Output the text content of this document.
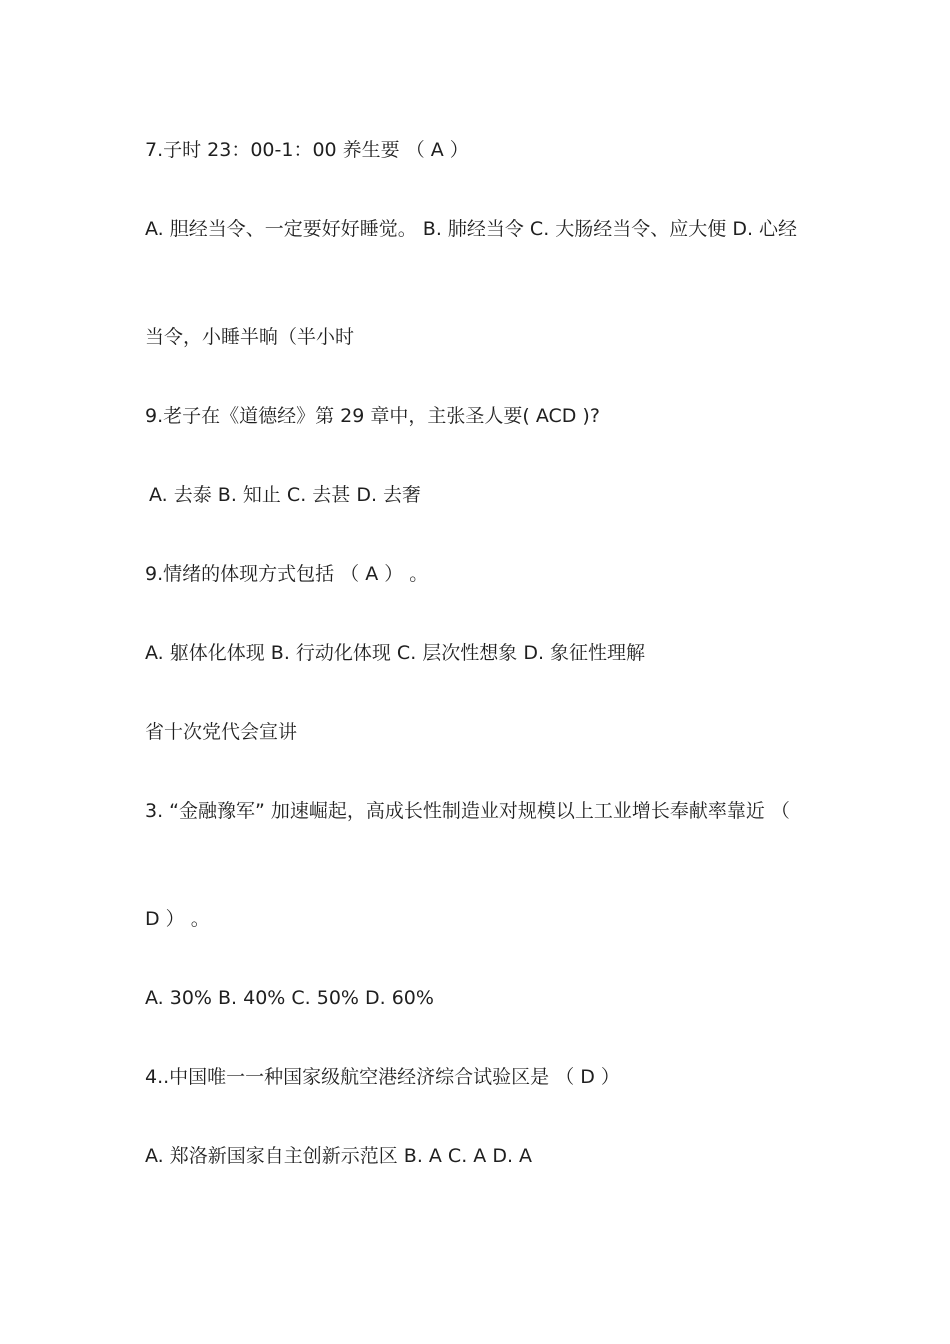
7.子时 23：00-1：00 养生要 （ A ）
A. 胆经当令、一定要好好睡觉。 B. 肺经当令 C. 大肠经当令、应大便 D. 心经
当令，小睡半晌（半小时
9.老子在《道德经》第 29 章中，主张圣人要( ACD )?
A. 去泰 B. 知止 C. 去甚 D. 去奢
9.情绪的体现方式包括 （ A ） 。
A. 躯体化体现 B. 行动化体现 C. 层次性想象 D. 象征性理解
省十次党代会宣讲
3. “金融豫军” 加速崛起，高成长性制造业对规模以上工业增长奉献率靠近 （
D ） 。
A. 30% B. 40% C. 50% D. 60%
4..中国唯一一种国家级航空港经济综合试验区是 （ D ）
A. 郑洛新国家自主创新示范区 B. A C. A D. A
